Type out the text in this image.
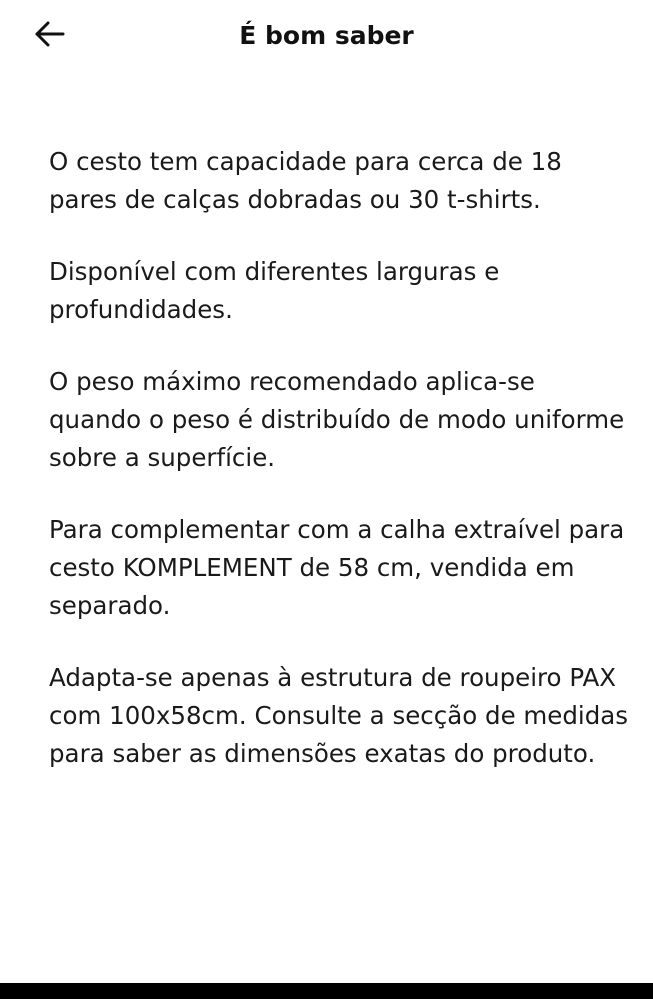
É bom saber

O cesto tem capacidade para cerca de 18 pares de calças dobradas ou 30 t-shirts.

Disponível com diferentes larguras e profundidades.

O peso máximo recomendado aplica-se quando o peso é distribuído de modo uniforme sobre a superfície.

Para complementar com a calha extraível para cesto KOMPLEMENT de 58 cm, vendida em separado.

Adapta-se apenas à estrutura de roupeiro PAX com 100x58cm. Consulte a secção de medidas para saber as dimensões exatas do produto.
